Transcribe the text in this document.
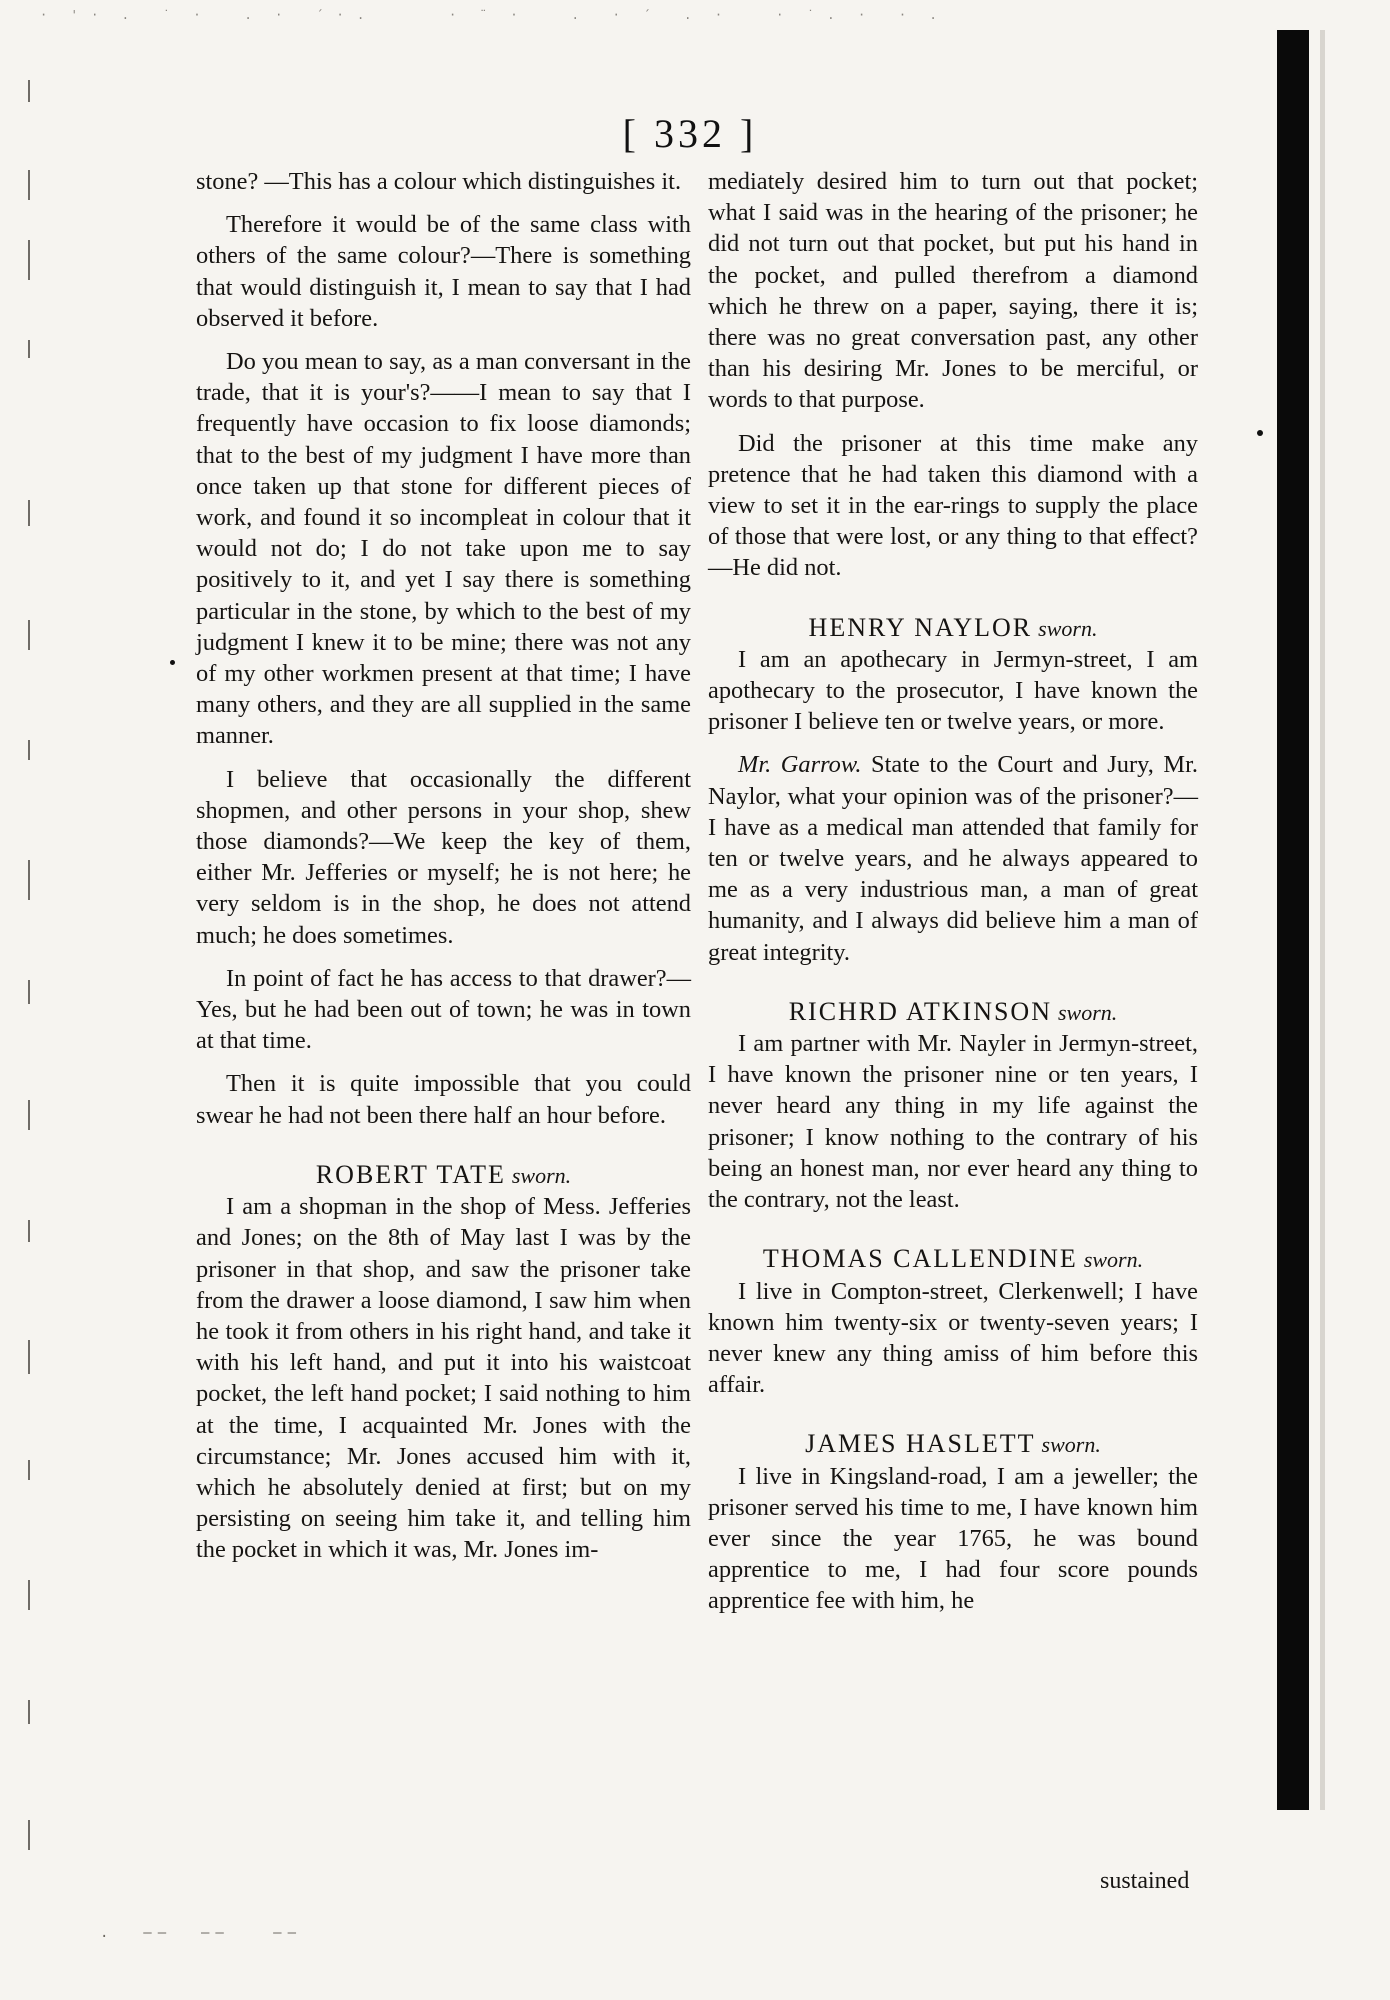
·  ' ·  .   ˙  ·    .  ·   ´ · .        ·  ¨  ·     .   ·  ´   .  ·     ·  ˙ .  ·   ·  .
[ 332 ]

stone? —This has a colour which distinguishes it.

Therefore it would be of the same class with others of the same colour?—There is something that would distinguish it, I mean to say that I had observed it before.

Do you mean to say, as a man conversant in the trade, that it is your's?——I mean to say that I frequently have occasion to fix loose diamonds; that to the best of my judgment I have more than once taken up that stone for different pieces of work, and found it so incompleat in colour that it would not do; I do not take upon me to say positively to it, and yet I say there is something particular in the stone, by which to the best of my judgment I knew it to be mine; there was not any of my other workmen present at that time; I have many others, and they are all supplied in the same manner.

I believe that occasionally the different shopmen, and other persons in your shop, shew those diamonds?—We keep the key of them, either Mr. Jefferies or myself; he is not here; he very seldom is in the shop, he does not attend much; he does sometimes.

In point of fact he has access to that drawer?—Yes, but he had been out of town; he was in town at that time.

Then it is quite impossible that you could swear he had not been there half an hour before.

ROBERT TATE sworn.

I am a shopman in the shop of Mess. Jefferies and Jones; on the 8th of May last I was by the prisoner in that shop, and saw the prisoner take from the drawer a loose diamond, I saw him when he took it from others in his right hand, and take it with his left hand, and put it into his waistcoat pocket, the left hand pocket; I said nothing to him at the time, I acquainted Mr. Jones with the circumstance; Mr. Jones accused him with it, which he absolutely denied at first; but on my persisting on seeing him take it, and telling him the pocket in which it was, Mr. Jones im-

mediately desired him to turn out that pocket; what I said was in the hearing of the prisoner; he did not turn out that pocket, but put his hand in the pocket, and pulled therefrom a diamond which he threw on a paper, saying, there it is; there was no great conversation past, any other than his desiring Mr. Jones to be merciful, or words to that purpose.

Did the prisoner at this time make any pretence that he had taken this diamond with a view to set it in the ear-rings to supply the place of those that were lost, or any thing to that effect?—He did not.

HENRY NAYLOR sworn.

I am an apothecary in Jermyn-street, I am apothecary to the prosecutor, I have known the prisoner I believe ten or twelve years, or more.

Mr. Garrow. State to the Court and Jury, Mr. Naylor, what your opinion was of the prisoner?—I have as a medical man attended that family for ten or twelve years, and he always appeared to me as a very industrious man, a man of great humanity, and I always did believe him a man of great integrity.

RICHRD ATKINSON sworn.

I am partner with Mr. Nayler in Jermyn-street, I have known the prisoner nine or ten years, I never heard any thing in my life against the prisoner; I know nothing to the contrary of his being an honest man, nor ever heard any thing to the contrary, not the least.

THOMAS CALLENDINE sworn.

I live in Compton-street, Clerkenwell; I have known him twenty-six or twenty-seven years; I never knew any thing amiss of him before this affair.

JAMES HASLETT sworn.

I live in Kingsland-road, I am a jeweller; the prisoner served his time to me, I have known him ever since the year 1765, he was bound apprentice to me, I had four score pounds apprentice fee with him, he

sustained
.  ——  ——   ——
